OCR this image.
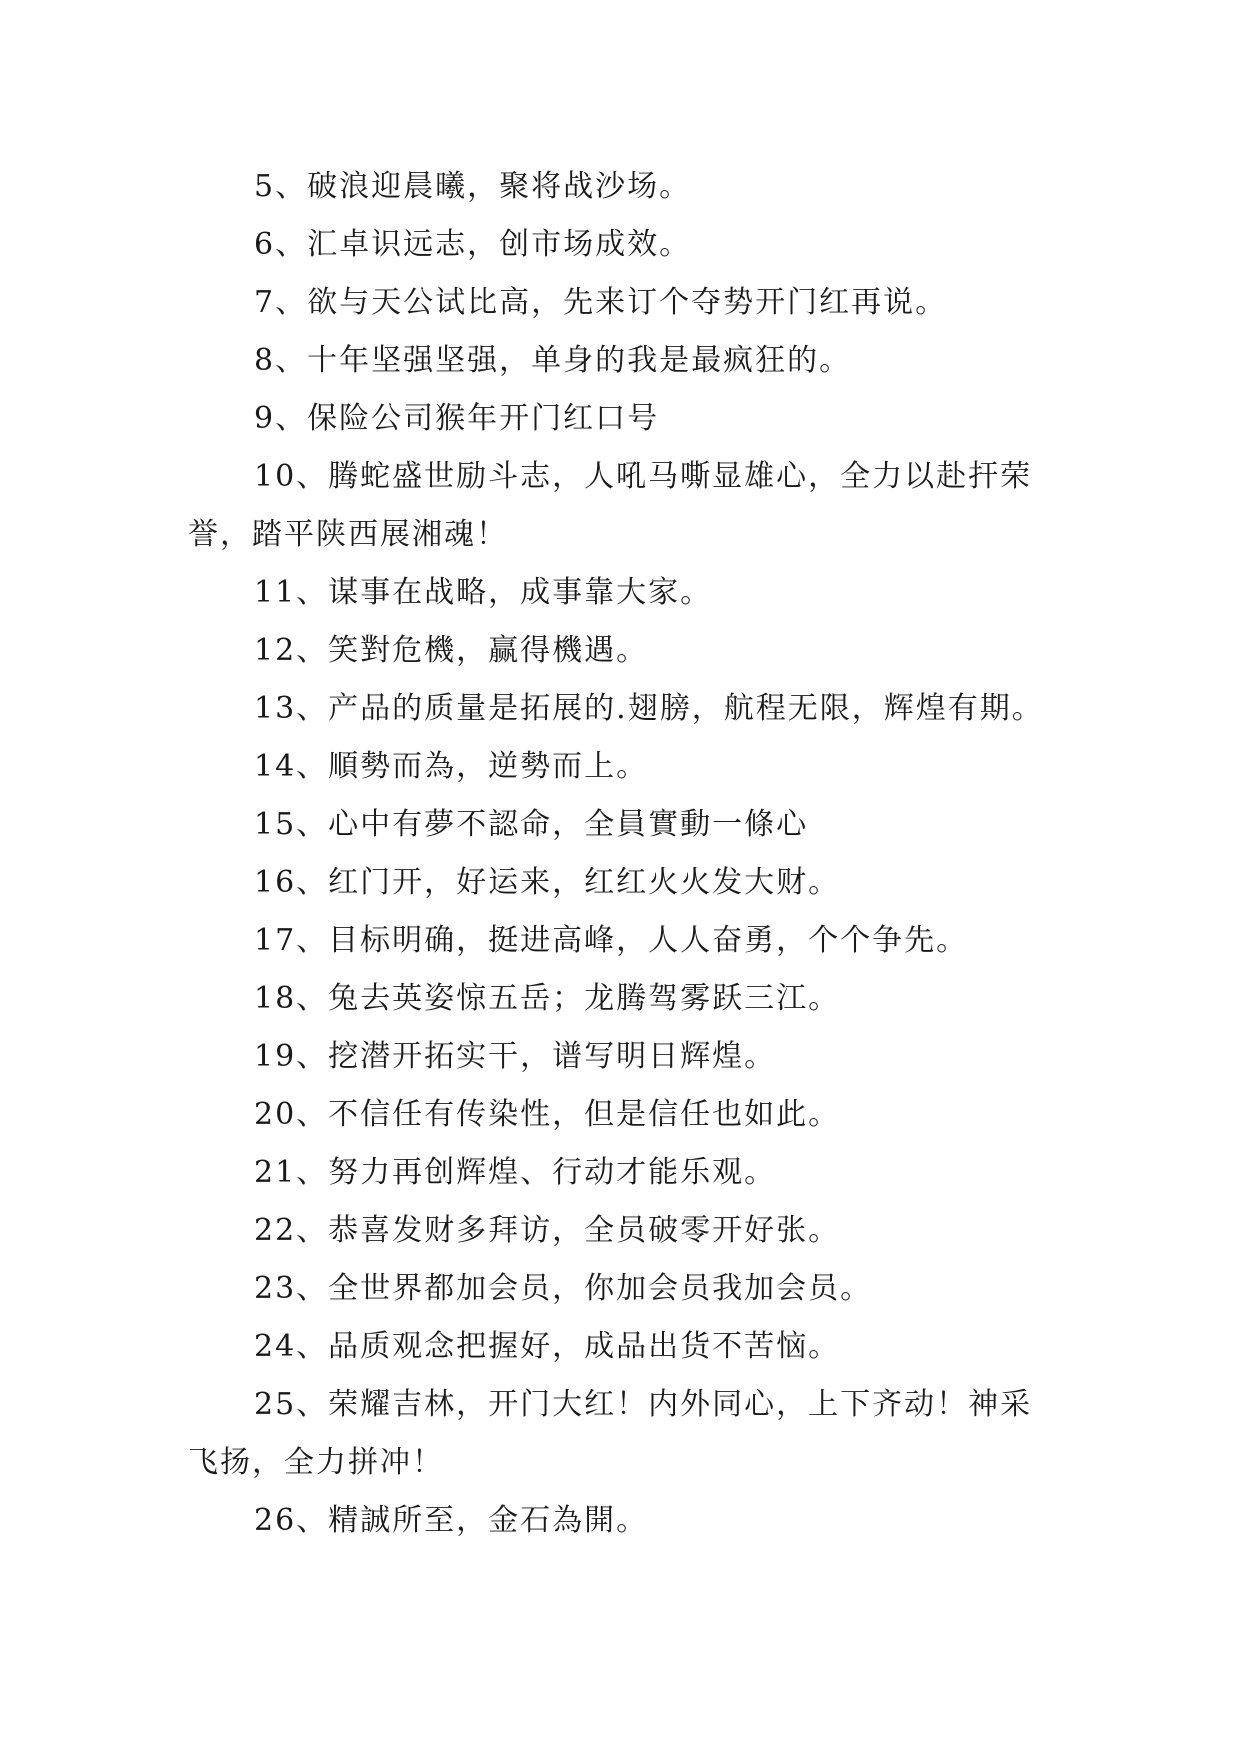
5、破浪迎晨曦，聚将战沙场。

6、汇卓识远志，创市场成效。

7、欲与天公试比高，先来订个夺势开门红再说。

8、十年坚强坚强，单身的我是最疯狂的。

9、保险公司猴年开门红口号

10、腾蛇盛世励斗志，人吼马嘶显雄心，全力以赴扞荣誉，踏平陕西展湘魂！

11、谋事在战略，成事靠大家。

12、笑對危機，赢得機遇。

13、产品的质量是拓展的.翅膀，航程无限，辉煌有期。

14、順勢而為，逆勢而上。

15、心中有夢不認命，全員實動一條心

16、红门开，好运来，红红火火发大财。

17、目标明确，挺进高峰，人人奋勇，个个争先。

18、兔去英姿惊五岳；龙腾驾雾跃三江。

19、挖潜开拓实干，谱写明日辉煌。

20、不信任有传染性，但是信任也如此。

21、努力再创辉煌、行动才能乐观。

22、恭喜发财多拜访，全员破零开好张。

23、全世界都加会员，你加会员我加会员。

24、品质观念把握好，成品出货不苦恼。

25、荣耀吉林，开门大红！内外同心，上下齐动！神采飞扬，全力拼冲！

26、精誠所至，金石為開。
